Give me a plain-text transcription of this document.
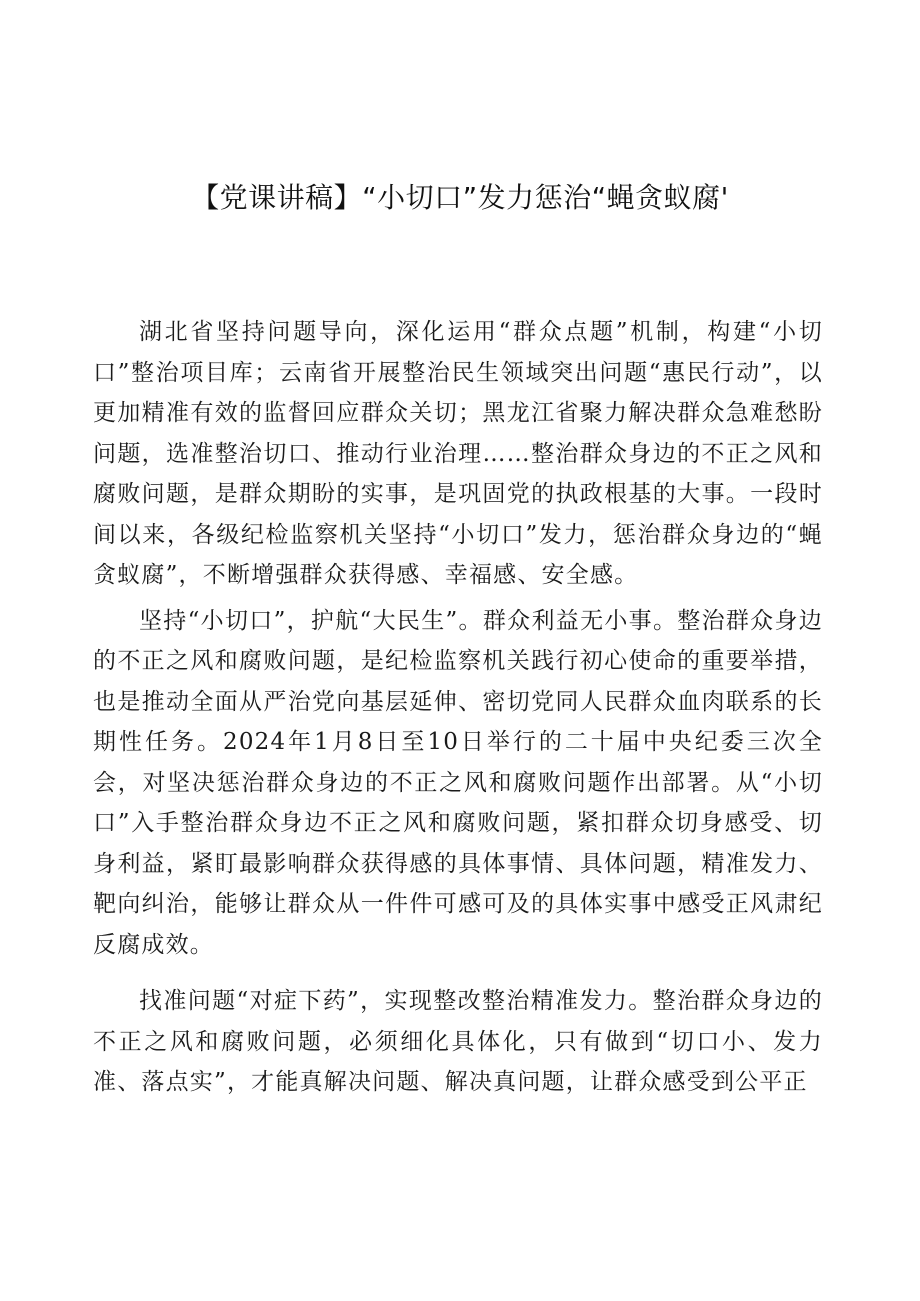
【党课讲稿】“小切口”发力惩治“蝇贪蚁腐'

湖北省坚持问题导向，深化运用“群众点题”机制，构建“小切口”整治项目库；云南省开展整治民生领域突出问题“惠民行动”，以更加精准有效的监督回应群众关切；黑龙江省聚力解决群众急难愁盼问题，选准整治切口、推动行业治理……整治群众身边的不正之风和腐败问题，是群众期盼的实事，是巩固党的执政根基的大事。一段时间以来，各级纪检监察机关坚持“小切口”发力，惩治群众身边的“蝇贪蚁腐”，不断增强群众获得感、幸福感、安全感。

坚持“小切口”，护航“大民生”。群众利益无小事。整治群众身边的不正之风和腐败问题，是纪检监察机关践行初心使命的重要举措，也是推动全面从严治党向基层延伸、密切党同人民群众血肉联系的长期性任务。2024年1月8日至10日举行的二十届中央纪委三次全会，对坚决惩治群众身边的不正之风和腐败问题作出部署。从“小切口”入手整治群众身边不正之风和腐败问题，紧扣群众切身感受、切身利益，紧盯最影响群众获得感的具体事情、具体问题，精准发力、靶向纠治，能够让群众从一件件可感可及的具体实事中感受正风肃纪反腐成效。

找准问题“对症下药”，实现整改整治精准发力。整治群众身边的不正之风和腐败问题，必须细化具体化，只有做到“切口小、发力准、落点实”，才能真解决问题、解决真问题，让群众感受到公平正
